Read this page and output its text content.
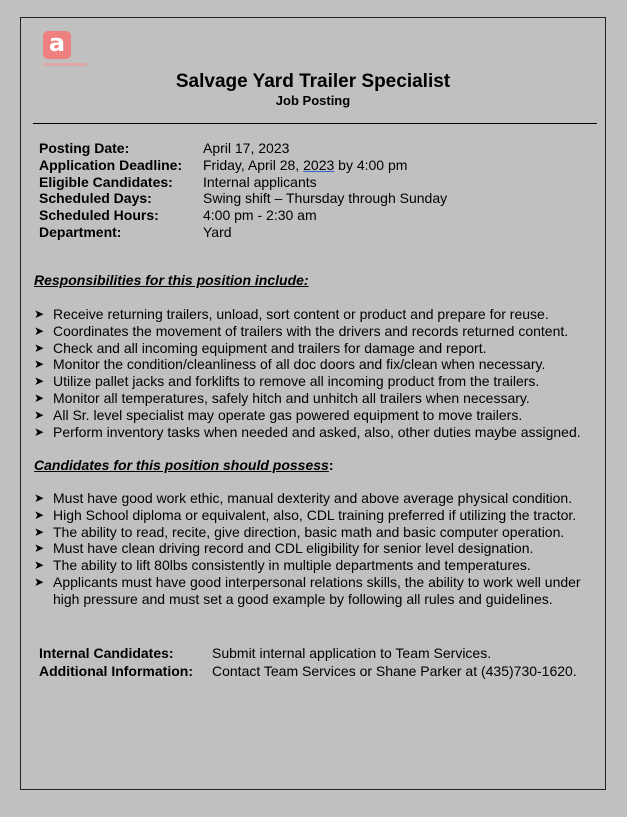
a
Salvage Yard Trailer Specialist
Job Posting
Posting Date:	April 17, 2023
Application Deadline:	Friday, April 28, 2023 by 4:00 pm
Eligible Candidates:	Internal applicants
Scheduled Days:	Swing shift – Thursday through Sunday
Scheduled Hours:	4:00 pm - 2:30 am
Department:	Yard
Responsibilities for this position include:
➤ Receive returning trailers, unload, sort content or product and prepare for reuse.
➤ Coordinates the movement of trailers with the drivers and records returned content.
➤ Check and all incoming equipment and trailers for damage and report.
➤ Monitor the condition/cleanliness of all doc doors and fix/clean when necessary.
➤ Utilize pallet jacks and forklifts to remove all incoming product from the trailers.
➤ Monitor all temperatures, safely hitch and unhitch all trailers when necessary.
➤ All Sr. level specialist may operate gas powered equipment to move trailers.
➤ Perform inventory tasks when needed and asked, also, other duties maybe assigned.
Candidates for this position should possess:
➤ Must have good work ethic, manual dexterity and above average physical condition.
➤ High School diploma or equivalent, also, CDL training preferred if utilizing the tractor.
➤ The ability to read, recite, give direction, basic math and basic computer operation.
➤ Must have clean driving record and CDL eligibility for senior level designation.
➤ The ability to lift 80lbs consistently in multiple departments and temperatures.
➤ Applicants must have good interpersonal relations skills, the ability to work well under high pressure and must set a good example by following all rules and guidelines.
Internal Candidates:	Submit internal application to Team Services.
Additional Information:	Contact Team Services or Shane Parker at (435)730-1620.
